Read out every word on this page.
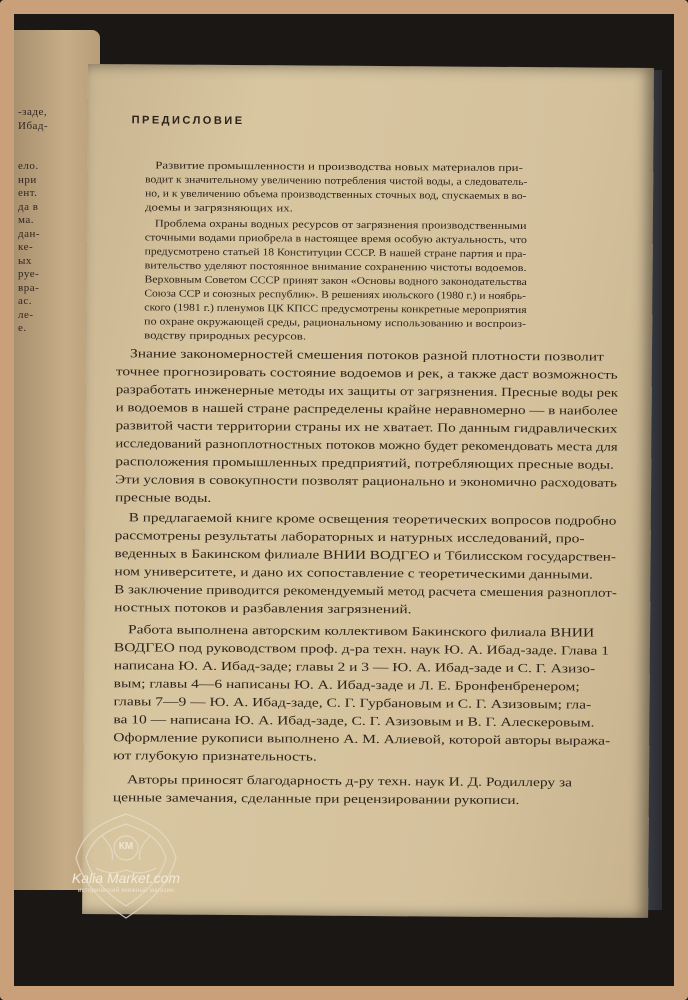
-заде,
Ибад-
ело.
нри
ент.
да в
ма.
дан-
ке-
ых
руе-
вра-
ас.
ле-
е.
ПРЕДИСЛОВИЕ
Развитие промышленности и производства новых материалов при-
водит к значительному увеличению потребления чистой воды, а следователь-
но, и к увеличению объема производственных сточных вод, спускаемых в во-
доемы и загрязняющих их.
Проблема охраны водных ресурсов от загрязнения производственными
сточными водами приобрела в настоящее время особую актуальность, что
предусмотрено статьей 18 Конституции СССР. В нашей стране партия и пра-
вительство уделяют постоянное внимание сохранению чистоты водоемов.
Верховным Советом СССР принят закон «Основы водного законодательства
Союза ССР и союзных республик». В решениях июльского (1980 г.) и ноябрь-
ского (1981 г.) пленумов ЦК КПСС предусмотрены конкретные мероприятия
по охране окружающей среды, рациональному использованию и воспроиз-
водству природных ресурсов.
Знание закономерностей смешения потоков разной плотности позволит
точнее прогнозировать состояние водоемов и рек, а также даст возможность
разработать инженерные методы их защиты от загрязнения. Пресные воды рек
и водоемов в нашей стране распределены крайне неравномерно — в наиболее
развитой части территории страны их не хватает. По данным гидравлических
исследований разноплотностных потоков можно будет рекомендовать места для
расположения промышленных предприятий, потребляющих пресные воды.
Эти условия в совокупности позволят рационально и экономично расходовать
пресные воды.
В предлагаемой книге кроме освещения теоретических вопросов подробно
рассмотрены результаты лабораторных и натурных исследований, про-
веденных в Бакинском филиале ВНИИ ВОДГЕО и Тбилисском государствен-
ном университете, и дано их сопоставление с теоретическими данными.
В заключение приводится рекомендуемый метод расчета смешения разноплот-
ностных потоков и разбавления загрязнений.
Работа выполнена авторским коллективом Бакинского филиала ВНИИ
ВОДГЕО под руководством проф. д-ра техн. наук Ю. А. Ибад-заде. Глава 1
написана Ю. А. Ибад-заде; главы 2 и 3 — Ю. А. Ибад-заде и С. Г. Азизо-
вым; главы 4—6 написаны Ю. А. Ибад-заде и Л. Е. Бронфенбренером;
главы 7—9 — Ю. А. Ибад-заде, С. Г. Гурбановым и С. Г. Азизовым; гла-
ва 10 — написана Ю. А. Ибад-заде, С. Г. Азизовым и В. Г. Алескеровым.
Оформление рукописи выполнено А. М. Алиевой, которой авторы выража-
ют глубокую признательность.
Авторы приносят благодарность д-ру техн. наук И. Д. Родиллеру за
ценные замечания, сделанные при рецензировании рукописи.
КМ
Kalia Market.com
исторический книжный магазин
